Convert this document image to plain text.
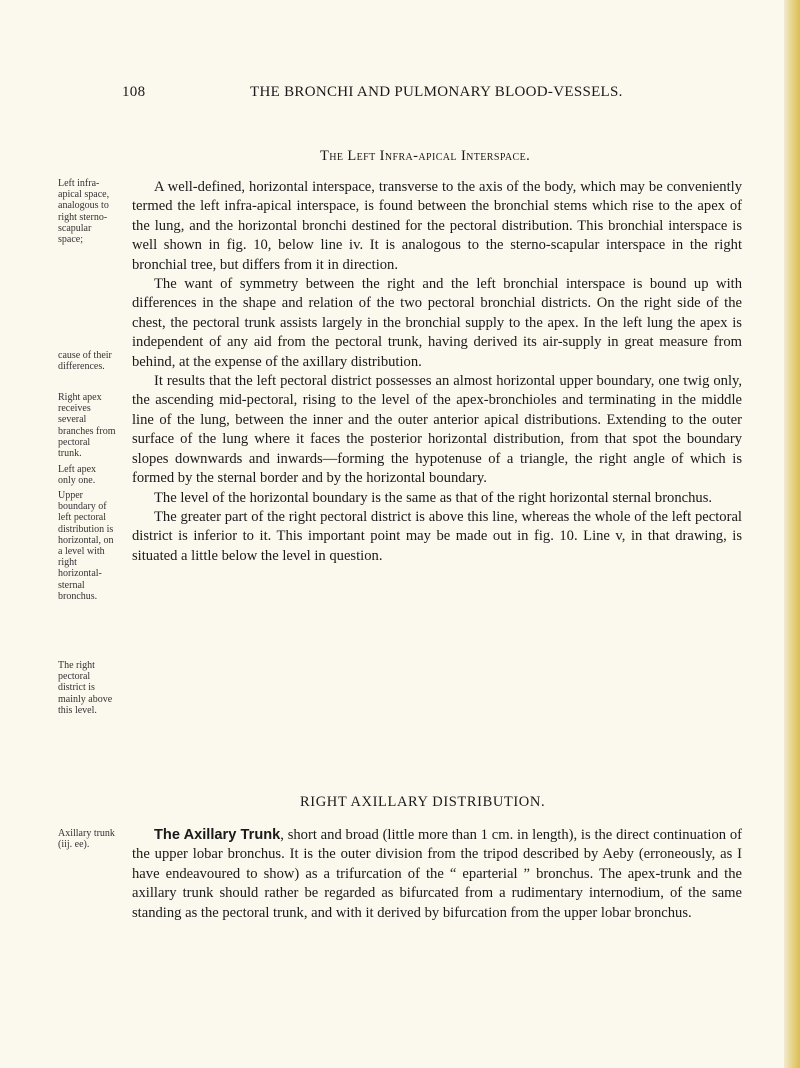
108	THE BRONCHI AND PULMONARY BLOOD-VESSELS.
The Left Infra-apical Interspace.
Left infra-apical space, analogous to right sterno-scapular space;
cause of their differences.
Right apex receives several branches from pectoral trunk.
Left apex only one.
Upper boundary of left pectoral distribution is horizontal, on a level with right horizontal-sternal bronchus.
The right pectoral district is mainly above this level.
Axillary trunk (iij. ee).

A well-defined, horizontal interspace, transverse to the axis of the body, which may be conveniently termed the left infra-apical interspace, is found between the bronchial stems which rise to the apex of the lung, and the horizontal bronchi destined for the pectoral distribution. This bronchial interspace is well shown in fig. 10, below line iv. It is analogous to the sterno-scapular interspace in the right bronchial tree, but differs from it in direction.

The want of symmetry between the right and the left bronchial interspace is bound up with differences in the shape and relation of the two pectoral bronchial districts. On the right side of the chest, the pectoral trunk assists largely in the bronchial supply to the apex. In the left lung the apex is independent of any aid from the pectoral trunk, having derived its air-supply in great measure from behind, at the expense of the axillary distribution.

It results that the left pectoral district possesses an almost horizontal upper boundary, one twig only, the ascending mid-pectoral, rising to the level of the apex-bronchioles and terminating in the middle line of the lung, between the inner and the outer anterior apical distributions. Extending to the outer surface of the lung where it faces the posterior horizontal distribution, from that spot the boundary slopes downwards and inwards—forming the hypotenuse of a triangle, the right angle of which is formed by the sternal border and by the horizontal boundary.

The level of the horizontal boundary is the same as that of the right horizontal sternal bronchus.

The greater part of the right pectoral district is above this line, whereas the whole of the left pectoral district is inferior to it. This important point may be made out in fig. 10. Line v, in that drawing, is situated a little below the level in question.

RIGHT AXILLARY DISTRIBUTION.

The Axillary Trunk, short and broad (little more than 1 cm. in length), is the direct continuation of the upper lobar bronchus. It is the outer division from the tripod described by Aeby (erroneously, as I have endeavoured to show) as a trifurcation of the “ eparterial ” bronchus. The apex-trunk and the axillary trunk should rather be regarded as bifurcated from a rudimentary internodium, of the same standing as the pectoral trunk, and with it derived by bifurcation from the upper lobar bronchus.
